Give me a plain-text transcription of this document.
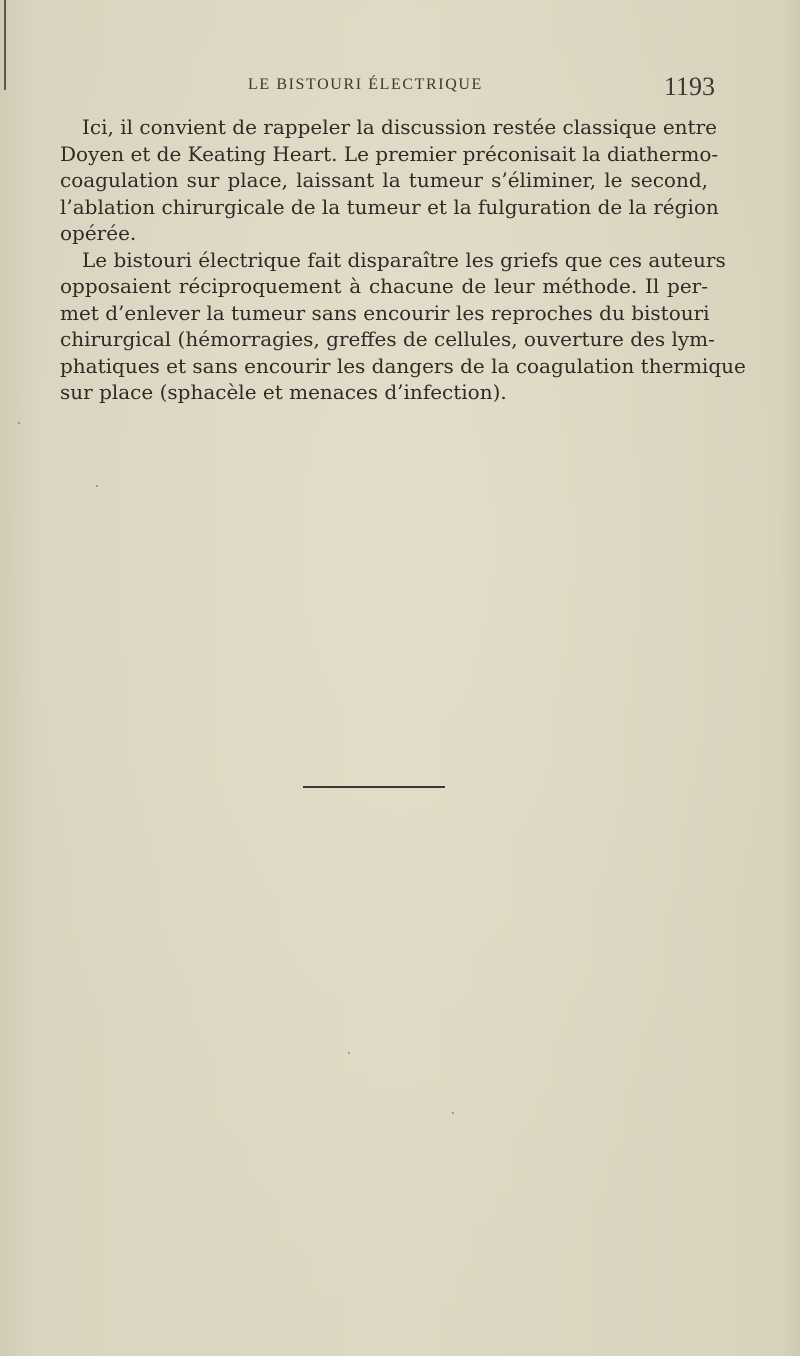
LE BISTOURI ÉLECTRIQUE	1193
Ici, il convient de rappeler la discussion restée classique entre
Doyen et de Keating Heart. Le premier préconisait la diathermo-
coagulation sur place, laissant la tumeur s’éliminer, le second,
l’ablation chirurgicale de la tumeur et la fulguration de la région
opérée.
Le bistouri électrique fait disparaître les griefs que ces auteurs
opposaient réciproquement à chacune de leur méthode. Il per-
met d’enlever la tumeur sans encourir les reproches du bistouri
chirurgical (hémorragies, greffes de cellules, ouverture des lym-
phatiques et sans encourir les dangers de la coagulation thermique
sur place (sphacèle et menaces d’infection).
